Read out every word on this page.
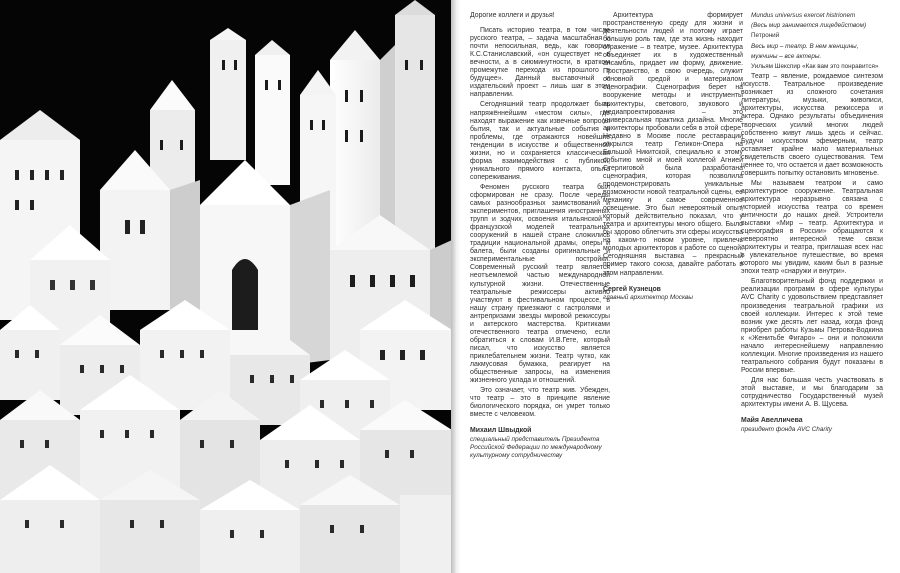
Дорогие коллеги и друзья!

Писать историю театра, в том числе русского театра, – задача масштабная и почти непосильная, ведь, как говорил К.С.Станиславский, «он существует не в вечности, а в сиюминутности, в кратком промежутке перехода из прошлого в будущее». Данный выставочный и издательский проект – лишь шаг в этом направлении.

Сегодняшний театр продолжает быть напряжённейшим «местом силы», где находят выражение как извечные вопросы бытия, так и актуальные события и проблемы, где отражаются новейшие тенденции в искусстве и общественной жизни, но и сохраняется классическая форма взаимодействия с публикой, уникального прямого контакта, опыта сопереживания.

Феномен русского театра был сформирован не сразу. После череды самых разнообразных заимствований и экспериментов, приглашения иностранных трупп и зодчих, освоения итальянской и французской моделей театральных сооружений в нашей стране сложились традиции национальной драмы, оперы и балета, были созданы оригинальные и экспериментальные постройки. Современный русский театр является неотъемлемой частью международной культурной жизни. Отечественные театральные режиссеры активно участвуют в фестивальном процессе, в нашу страну приезжают с гастролями и антрепризами звезды мировой режиссуры и актерского мастерства. Критиками отечественного театра отмечено, если обратиться к словам И.В.Гете, который писал, что искусство является приклебательнем жизни. Театр чутко, как лакмусовая бумажка, реагирует на общественные запросы, на изменения жизненного уклада и отношений.

Это означает, что театр жив. Убежден, что театр – это в принципе явление биологического порядка, он умрет только вместе с человеком.

Михаил Швыдкой
специальный представитель Президента Российской Федерации по международному культурному сотрудничеству

Архитектура формирует пространственную среду для жизни и деятельности людей и поэтому играет большую роль там, где эта жизнь находит отражение – в театре, музее. Архитектура объединяет их в художественный ансамбль, придает им форму, движение. Пространство, в свою очередь, служит основной средой и материалом сценографии. Сценография берет на вооружение методы и инструменты архитектуры, светового, звукового и медиапроектирования – это универсальная практика дизайна. Многие архитекторы пробовали себя в этой сфере. Недавно в Москве после реставрации открылся театр Геликон-Опера на Большой Никитской, специально к этому событию мной и моей коллегой Агнией Стерлиговой была разработана сценография, которая позволила продемонстрировать уникальные возможности новой театральной сцены, ее механику и самое современное освещение. Это был невероятный опыт, который действительно показал, что у театра и архитектуры много общего. Было бы здорово облегчить эти сферы искусства на каком-то новом уровне, привлечь молодых архитекторов к работе со сценой. Сегодняшняя выставка – прекрасный пример такого союза, давайте работать в этом направлении.

Сергей Кузнецов
главный архитектор Москвы

Mundus universus exercet histrionem

(Весь мир занимается лицедейством)

Петроний

Весь мир – театр. В нем женщины,

мужчины – все актеры.

Уильям Шекспир «Как вам это понравится»

Театр – явление, рождаемое синтезом искусств. Театральное произведение возникает из сложного сочетания литературы, музыки, живописи, архитектуры, искусства режиссера и актера. Однако результаты объединения творческих усилий многих людей собственно живут лишь здесь и сейчас. Будучи искусством эфемерным, театр оставляет крайне мало материальных свидетельств своего существования. Тем ценнее то, что остается и дает возможность совершить попытку остановить мгновенье.

Мы называем театром и само архитектурное сооружение. Театральная архитектура неразрывно связана с историей искусства театра со времен античности до наших дней. Устроители выставки «Мир – театр. Архитектура и сценография в России» обращаются к невероятно интересной теме связи архитектуры и театра, приглашая всех нас в увлекательное путешествие, во время которого мы увидим, каким был в разные эпохи театр «снаружи и внутри».

Благотворительный фонд поддержки и реализации программ в сфере культуры AVC Charity с удовольствием представляет произведения театральной графики из своей коллекции. Интерес к этой теме возник уже десять лет назад, когда фонд приобрел работы Кузьмы Петрова-Водкина к «Женитьбе Фигаро» – они и положили начало интереснейшему направлению коллекции. Многие произведения из нашего театрального собрания будут показаны в России впервые.

Для нас большая честь участвовать в этой выставке, и мы благодарим за сотрудничество Государственный музей архитектуры имени А. В. Щусева.

Майя Авелличева
президент фонда AVC Charity
